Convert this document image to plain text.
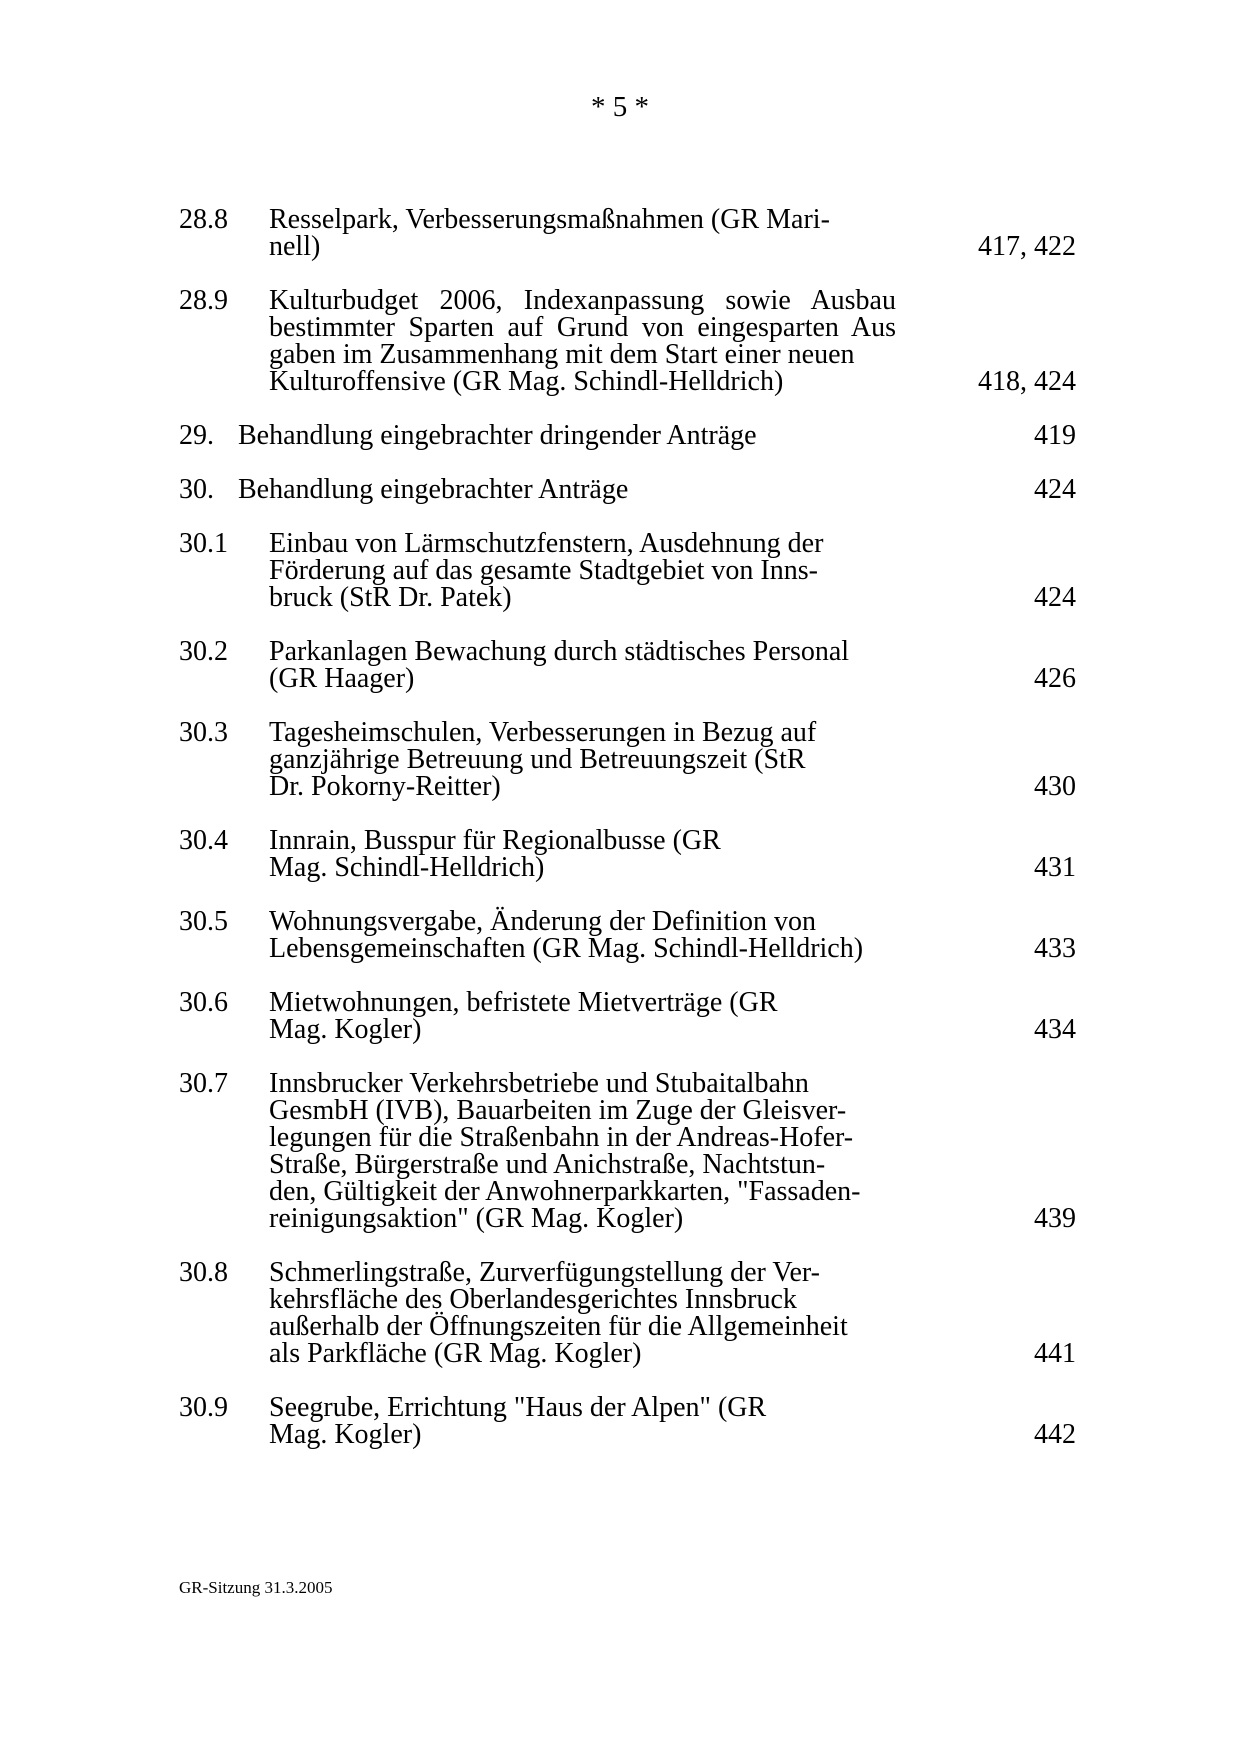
* 5 *
28.8 Resselpark, Verbesserungsmaßnahmen (GR Mari-
nell)	417, 422
28.9 Kulturbudget 2006, Indexanpassung sowie Ausbau
bestimmter Sparten auf Grund von eingesparten Aus
gaben im Zusammenhang mit dem Start einer neuen
Kulturoffensive (GR Mag. Schindl-Helldrich)	418, 424
29. Behandlung eingebrachter dringender Anträge	419
30. Behandlung eingebrachter Anträge	424
30.1 Einbau von Lärmschutzfenstern, Ausdehnung der
Förderung auf das gesamte Stadtgebiet von Inns-
bruck (StR Dr. Patek)	424
30.2 Parkanlagen Bewachung durch städtisches Personal
(GR Haager)	426
30.3 Tagesheimschulen, Verbesserungen in Bezug auf
ganzjährige Betreuung und Betreuungszeit (StR
Dr. Pokorny-Reitter)	430
30.4 Innrain, Busspur für Regionalbusse (GR
Mag. Schindl-Helldrich)	431
30.5 Wohnungsvergabe, Änderung der Definition von
Lebensgemeinschaften (GR Mag. Schindl-Helldrich)	433
30.6 Mietwohnungen, befristete Mietverträge (GR
Mag. Kogler)	434
30.7 Innsbrucker Verkehrsbetriebe und Stubaitalbahn
GesmbH (IVB), Bauarbeiten im Zuge der Gleisver-
legungen für die Straßenbahn in der Andreas-Hofer-
Straße, Bürgerstraße und Anichstraße, Nachtstun-
den, Gültigkeit der Anwohnerparkkarten, "Fassaden-
reinigungsaktion" (GR Mag. Kogler)	439
30.8 Schmerlingstraße, Zurverfügungstellung der Ver-
kehrsfläche des Oberlandesgerichtes Innsbruck
außerhalb der Öffnungszeiten für die Allgemeinheit
als Parkfläche (GR Mag. Kogler)	441
30.9 Seegrube, Errichtung "Haus der Alpen" (GR
Mag. Kogler)	442
GR-Sitzung 31.3.2005
